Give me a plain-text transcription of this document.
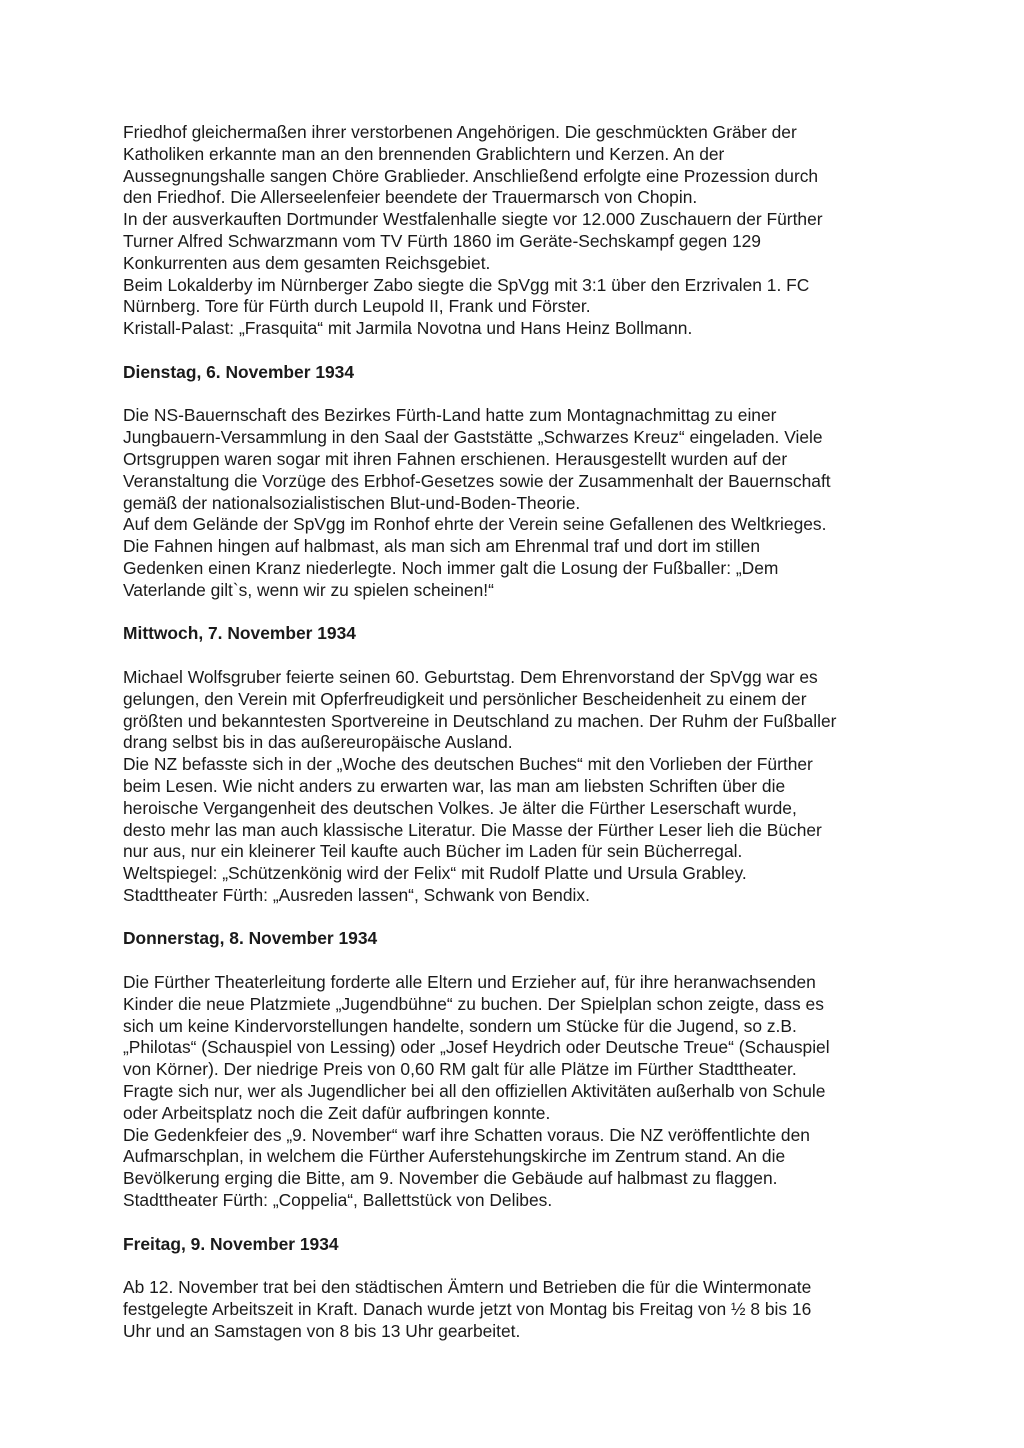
Friedhof gleichermaßen ihrer verstorbenen Angehörigen. Die geschmückten Gräber der
Katholiken erkannte man an den brennenden Grablichtern und Kerzen. An der
Aussegnungshalle sangen Chöre Grablieder. Anschließend erfolgte eine Prozession durch
den Friedhof. Die Allerseelenfeier beendete der Trauermarsch von Chopin.
In der ausverkauften Dortmunder Westfalenhalle siegte vor 12.000 Zuschauern der Fürther
Turner Alfred Schwarzmann vom TV Fürth 1860 im Geräte-Sechskampf gegen 129
Konkurrenten aus dem gesamten Reichsgebiet.
Beim Lokalderby im Nürnberger Zabo siegte die SpVgg mit 3:1 über den Erzrivalen 1. FC
Nürnberg. Tore für Fürth durch Leupold II, Frank und Förster.
Kristall-Palast: „Frasquita“ mit Jarmila Novotna und Hans Heinz Bollmann.

Dienstag, 6. November 1934

Die NS-Bauernschaft des Bezirkes Fürth-Land hatte zum Montagnachmittag zu einer
Jungbauern-Versammlung in den Saal der Gaststätte „Schwarzes Kreuz“ eingeladen. Viele
Ortsgruppen waren sogar mit ihren Fahnen erschienen. Herausgestellt wurden auf der
Veranstaltung die Vorzüge des Erbhof-Gesetzes sowie der Zusammenhalt der Bauernschaft
gemäß der nationalsozialistischen Blut-und-Boden-Theorie.
Auf dem Gelände der SpVgg im Ronhof ehrte der Verein seine Gefallenen des Weltkrieges.
Die Fahnen hingen auf halbmast, als man sich am Ehrenmal traf und dort im stillen
Gedenken einen Kranz niederlegte. Noch immer galt die Losung der Fußballer: „Dem
Vaterlande gilt`s, wenn wir zu spielen scheinen!“

Mittwoch, 7. November 1934

Michael Wolfsgruber feierte seinen 60. Geburtstag. Dem Ehrenvorstand der SpVgg war es
gelungen, den Verein mit Opferfreudigkeit und persönlicher Bescheidenheit zu einem der
größten und bekanntesten Sportvereine in Deutschland zu machen. Der Ruhm der Fußballer
drang selbst bis in das außereuropäische Ausland.
Die NZ befasste sich in der „Woche des deutschen Buches“ mit den Vorlieben der Fürther
beim Lesen. Wie nicht anders zu erwarten war, las man am liebsten Schriften über die
heroische Vergangenheit des deutschen Volkes. Je älter die Fürther Leserschaft wurde,
desto mehr las man auch klassische Literatur. Die Masse der Fürther Leser lieh die Bücher
nur aus, nur ein kleinerer Teil kaufte auch Bücher im Laden für sein Bücherregal.
Weltspiegel: „Schützenkönig wird der Felix“ mit Rudolf Platte und Ursula Grabley.
Stadttheater Fürth: „Ausreden lassen“, Schwank von Bendix.

Donnerstag, 8. November 1934

Die Fürther Theaterleitung forderte alle Eltern und Erzieher auf, für ihre heranwachsenden
Kinder die neue Platzmiete „Jugendbühne“ zu buchen. Der Spielplan schon zeigte, dass es
sich um keine Kindervorstellungen handelte, sondern um Stücke für die Jugend, so z.B.
„Philotas“ (Schauspiel von Lessing) oder „Josef Heydrich oder Deutsche Treue“ (Schauspiel
von Körner). Der niedrige Preis von 0,60 RM galt für alle Plätze im Fürther Stadttheater.
Fragte sich nur, wer als Jugendlicher bei all den offiziellen Aktivitäten außerhalb von Schule
oder Arbeitsplatz noch die Zeit dafür aufbringen konnte.
Die Gedenkfeier des „9. November“ warf ihre Schatten voraus. Die NZ veröffentlichte den
Aufmarschplan, in welchem die Fürther Auferstehungskirche im Zentrum stand. An die
Bevölkerung erging die Bitte, am 9. November die Gebäude auf halbmast zu flaggen.
Stadttheater Fürth: „Coppelia“, Ballettstück von Delibes.

Freitag, 9. November 1934

Ab 12. November trat bei den städtischen Ämtern und Betrieben die für die Wintermonate
festgelegte Arbeitszeit in Kraft. Danach wurde jetzt von Montag bis Freitag von ½ 8 bis 16
Uhr und an Samstagen von 8 bis 13 Uhr gearbeitet.
